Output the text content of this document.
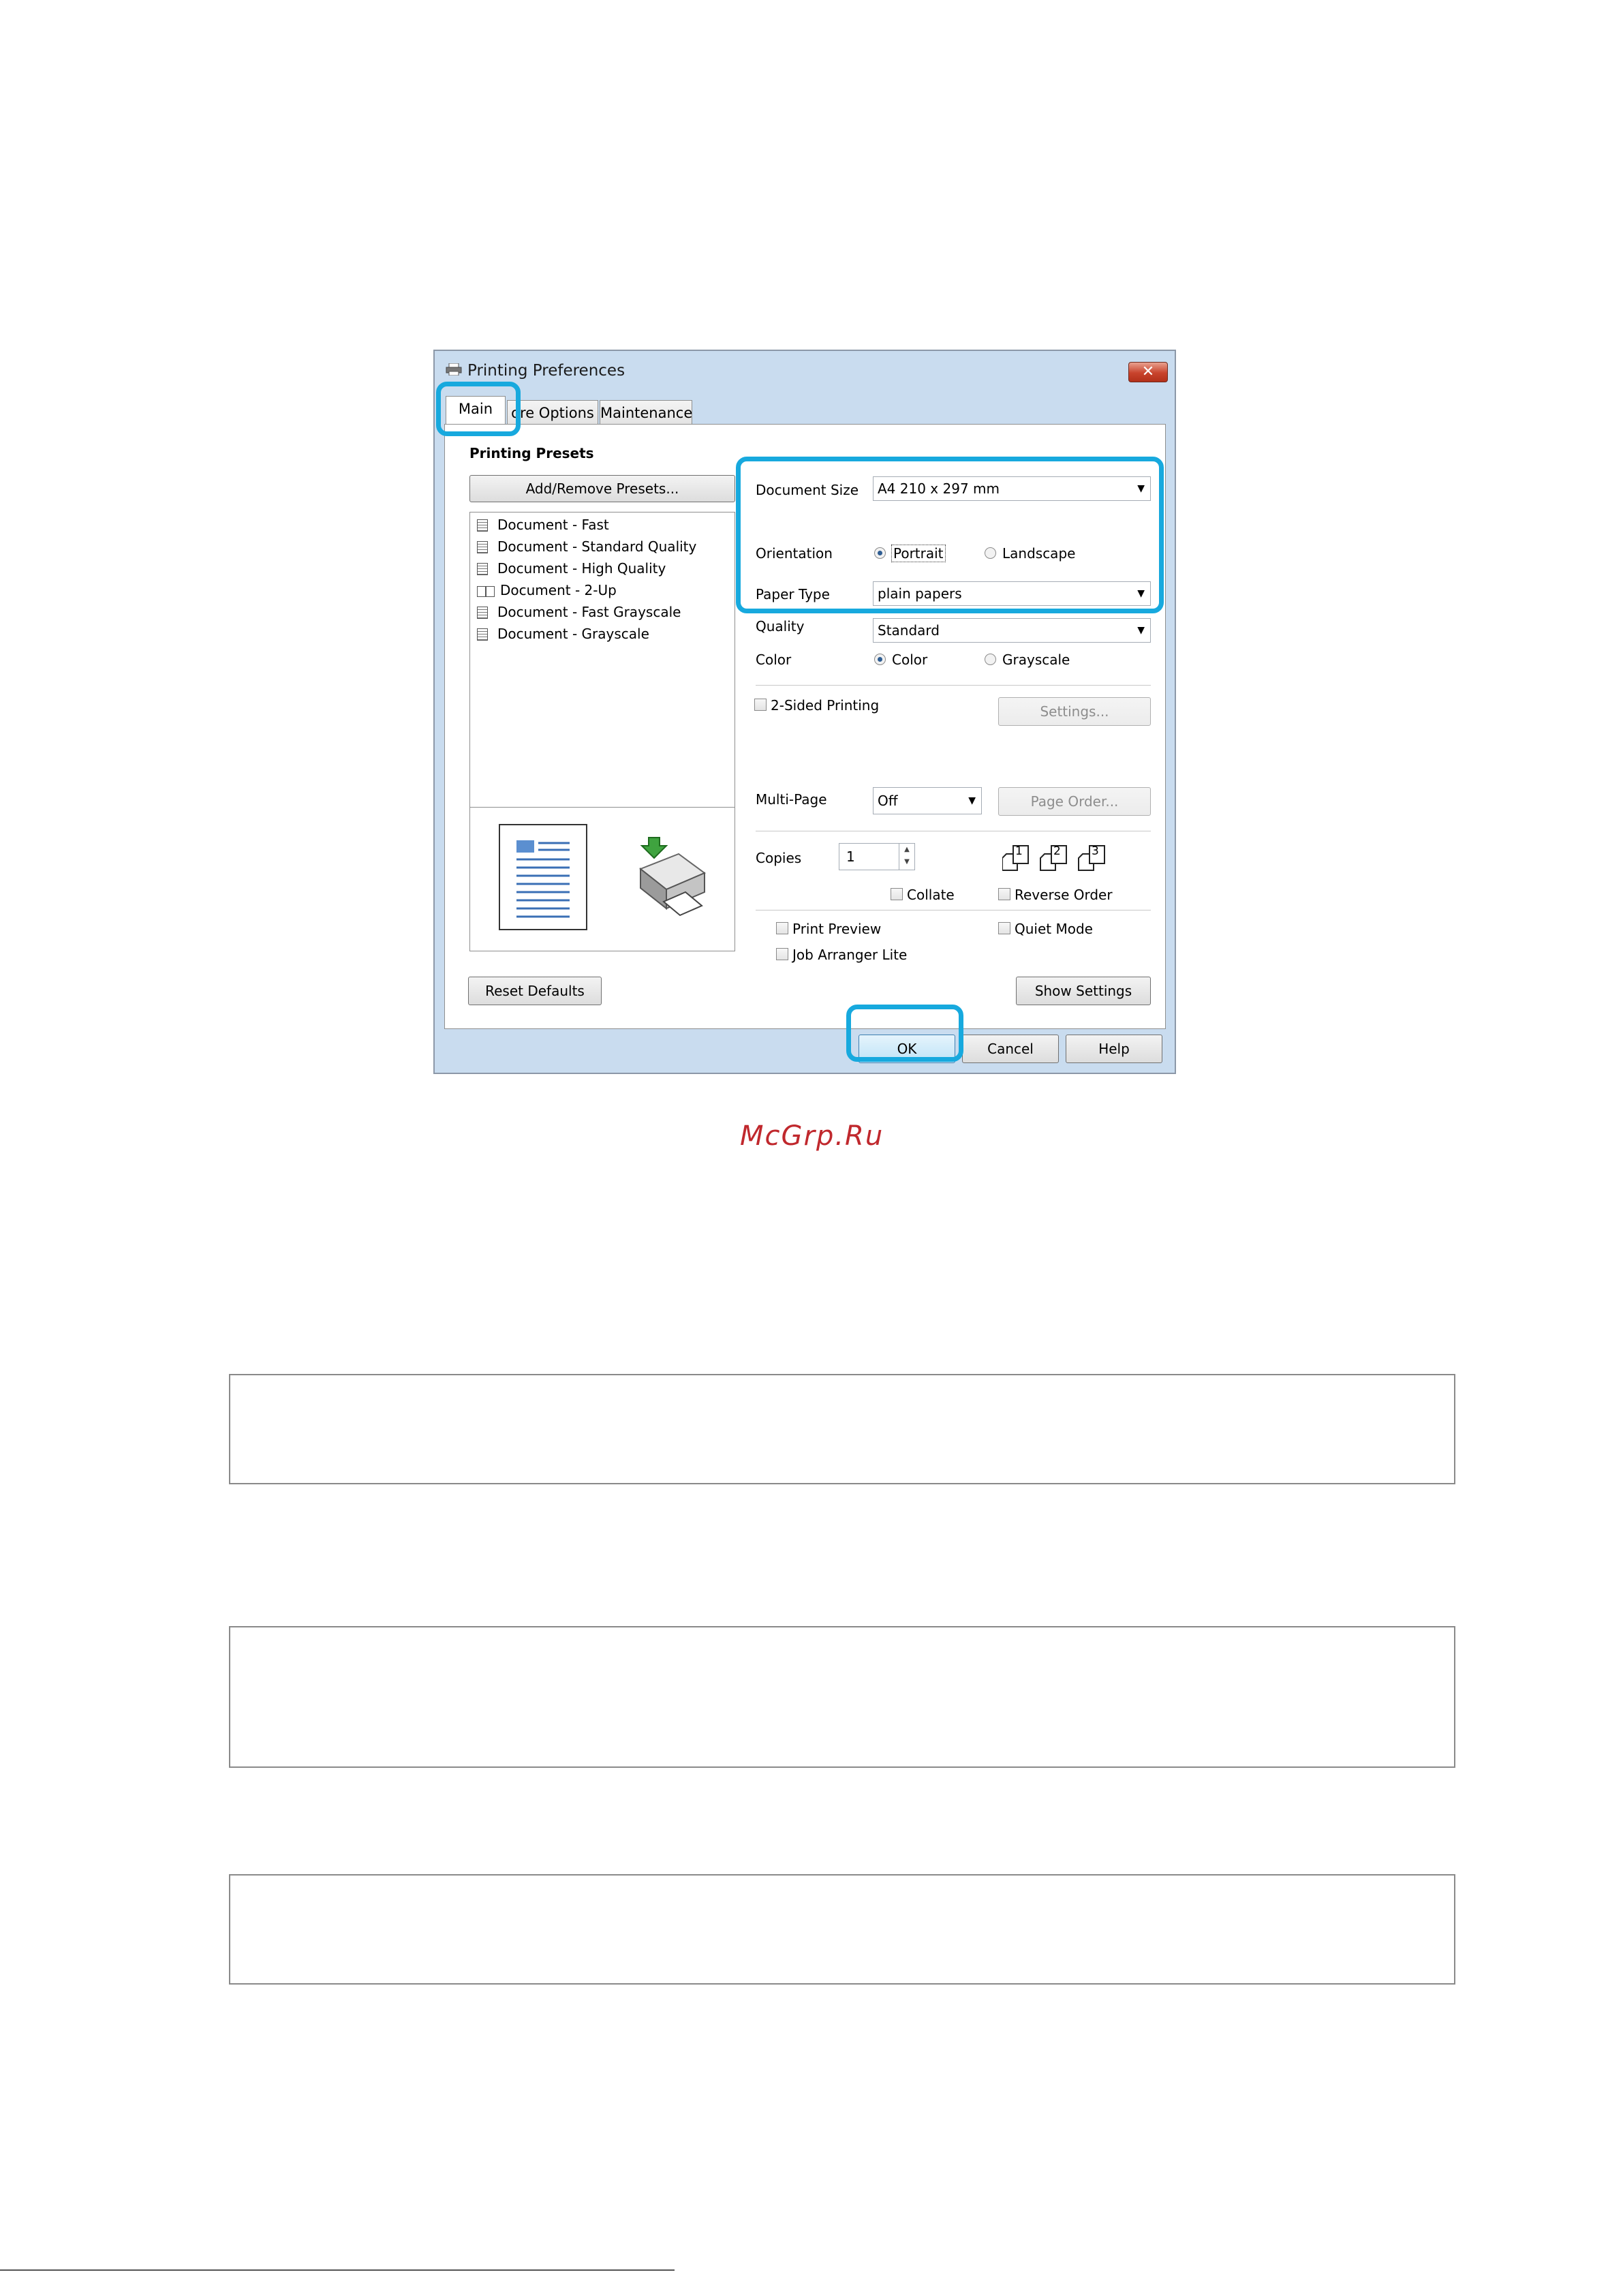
Printing Preferences	✕
Main	ore Options Maintenance
Printing Presets
Add/Remove Presets...
Document - Fast
Document - Standard Quality
Document - High Quality
Document - 2-Up
Document - Fast Grayscale
Document - Grayscale
Document Size	A4 210 x 297 mm	▼
Orientation	Portrait	Landscape
Paper Type	plain papers	▼
Quality	Standard	▼
Color	Color	Grayscale
2-Sided Printing	Settings...
Multi-Page	Off	▼	Page Order...
Copies	1	▲
▼
1	2	3
Collate	Reverse Order
Print Preview	Quiet Mode
Job Arranger Lite
Reset Defaults	Show Settings
OK	Cancel	Help
McGrp.Ru
